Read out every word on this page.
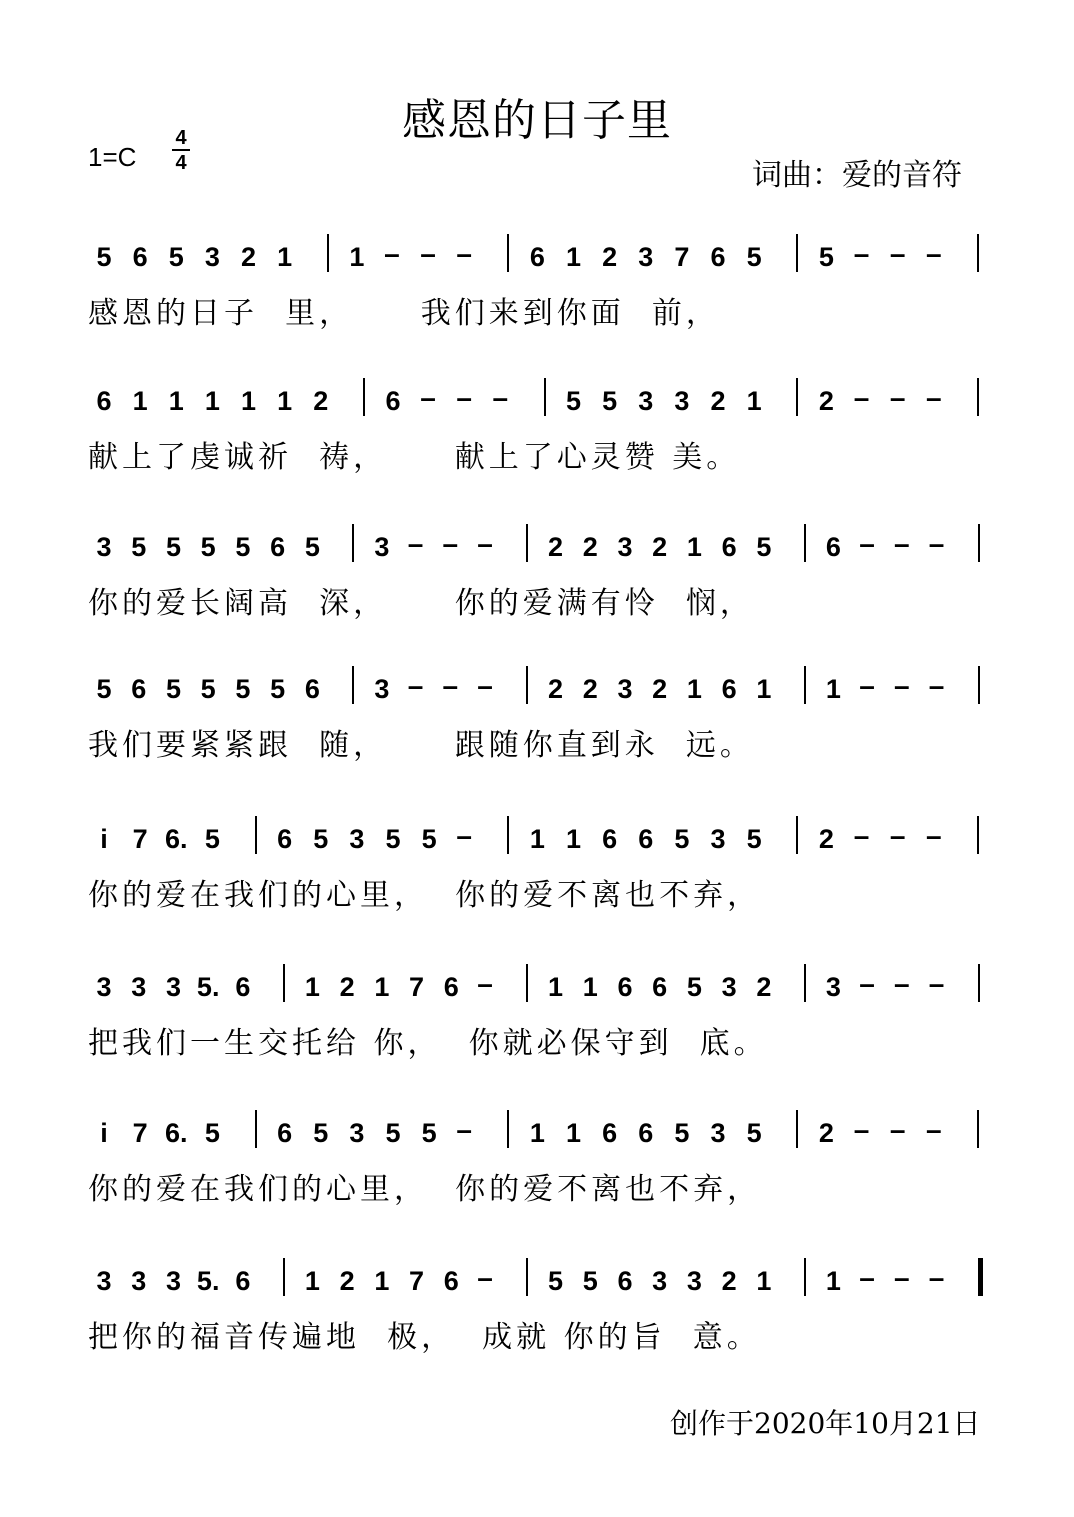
感恩的日子里
1=C
4
4	词曲：爱的音符
5 6 5 3 2 1 1 – – – 6 1 2 3 7 6 5 5 – – –
感恩的日子  里，     我们来到你面  前，
6 1 1 1 1 1 2 6 – – – 5 5 3 3 2 1 2 – – –
献上了虔诚祈  祷，     献上了心灵赞 美。
3 5 5 5 5 6 5 3 – – – 2 2 3 2 1 6 5 6 – – –
你的爱长阔高  深，     你的爱满有怜  悯，
5 6 5 5 5 5 6 3 – – – 2 2 3 2 1 6 1 1 – – –
我们要紧紧跟  随，     跟随你直到永  远。
i 7 6. 5 6 5 3 5 5 – 1 1 6 6 5 3 5 2 – – –
你的爱在我们的心里，  你的爱不离也不弃，
3 3 3 5. 6 1 2 1 7 6 – 1 1 6 6 5 3 2 3 – – –
把我们一生交托给 你，  你就必保守到  底。
i 7 6. 5 6 5 3 5 5 – 1 1 6 6 5 3 5 2 – – –
你的爱在我们的心里，  你的爱不离也不弃，
3 3 3 5. 6 1 2 1 7 6 – 5 5 6 3 3 2 1 1 – – –
把你的福音传遍地  极，  成就 你的旨  意。
创作于2020年10月21日
